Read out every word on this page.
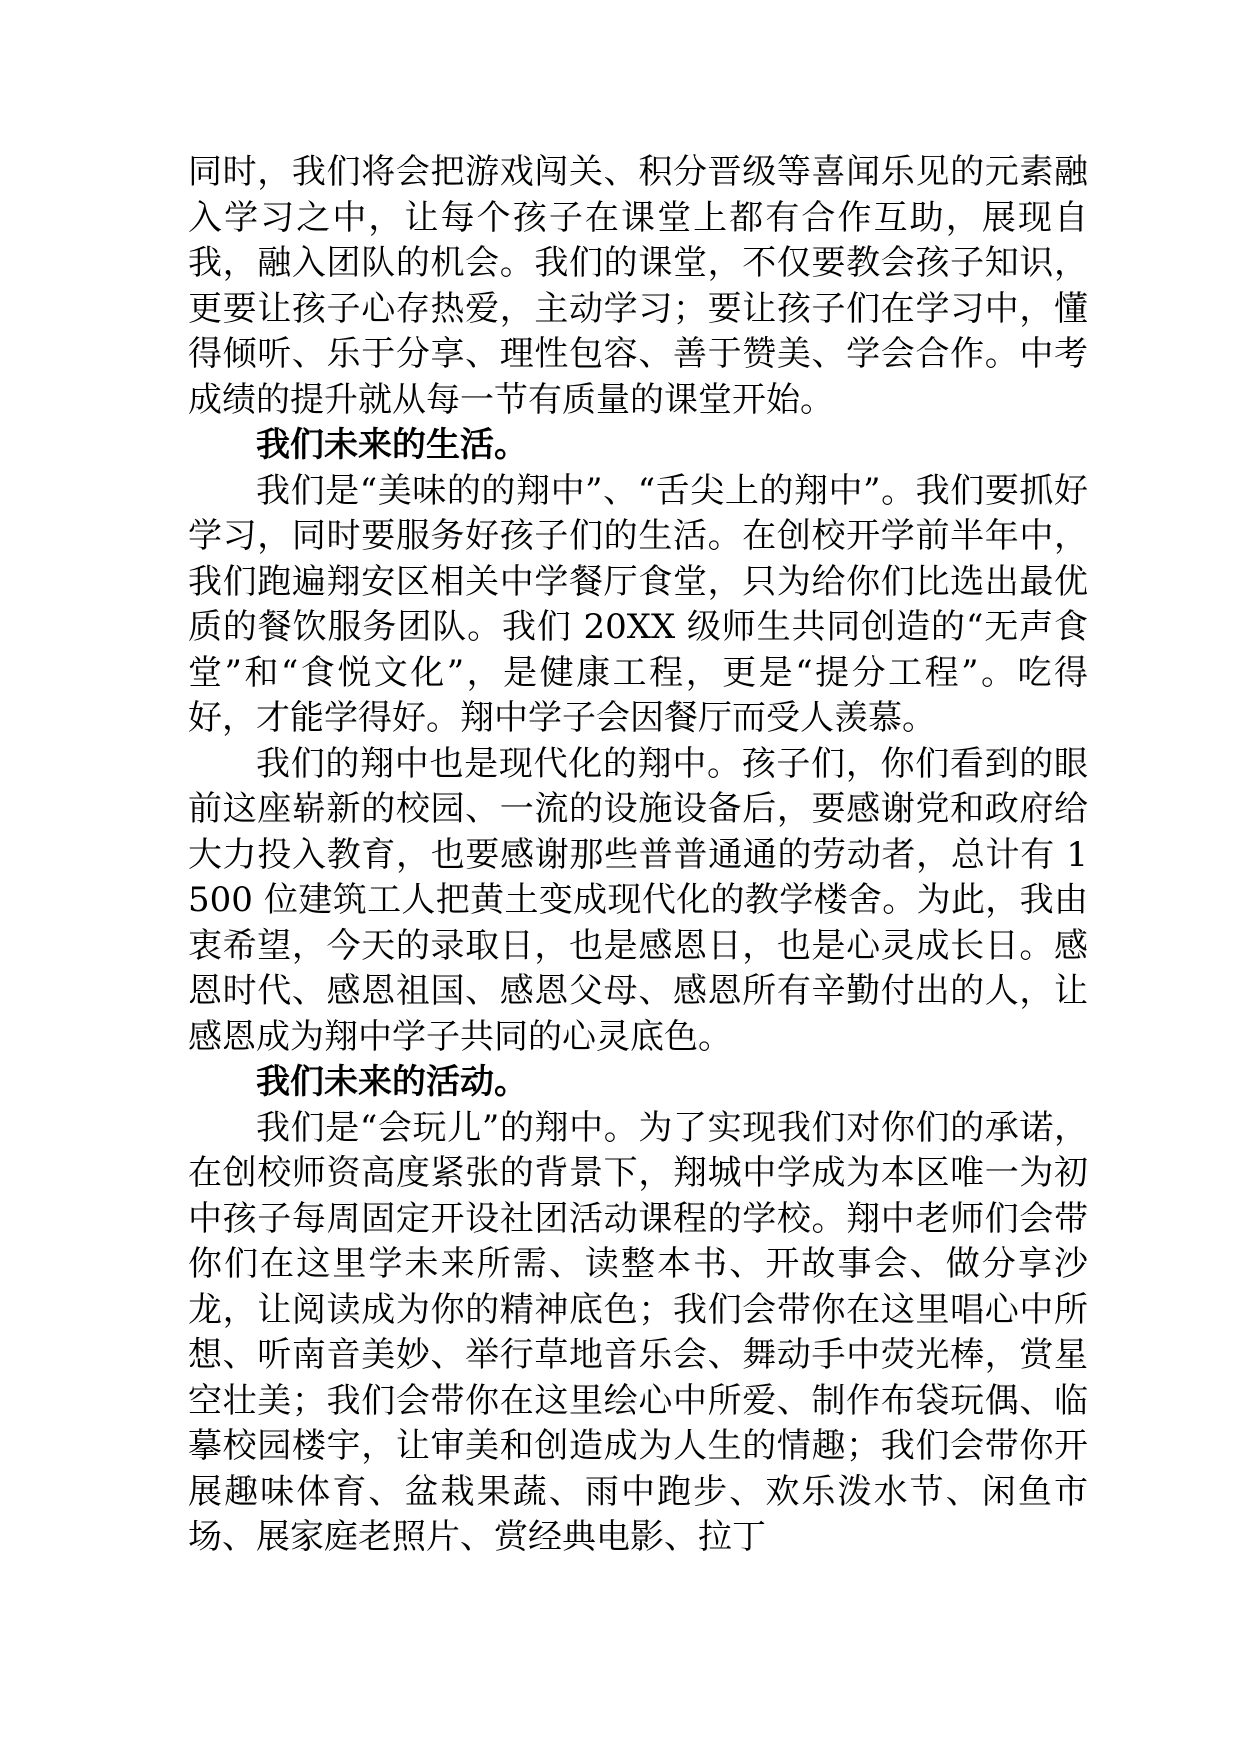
同时，我们将会把游戏闯关、积分晋级等喜闻乐见的元素融入学习之中，让每个孩子在课堂上都有合作互助，展现自我，融入团队的机会。我们的课堂，不仅要教会孩子知识，更要让孩子心存热爱，主动学习；要让孩子们在学习中，懂得倾听、乐于分享、理性包容、善于赞美、学会合作。中考成绩的提升就从每一节有质量的课堂开始。

我们未来的生活。

我们是“美味的的翔中”、“舌尖上的翔中”。我们要抓好学习，同时要服务好孩子们的生活。在创校开学前半年中，我们跑遍翔安区相关中学餐厅食堂，只为给你们比选出最优质的餐饮服务团队。我们 20XX 级师生共同创造的“无声食堂”和“食悦文化”，是健康工程，更是“提分工程”。吃得好，才能学得好。翔中学子会因餐厅而受人羡慕。

我们的翔中也是现代化的翔中。孩子们，你们看到的眼前这座崭新的校园、一流的设施设备后，要感谢党和政府给大力投入教育，也要感谢那些普普通通的劳动者，总计有 1500 位建筑工人把黄土变成现代化的教学楼舍。为此，我由衷希望，今天的录取日，也是感恩日，也是心灵成长日。感恩时代、感恩祖国、感恩父母、感恩所有辛勤付出的人，让感恩成为翔中学子共同的心灵底色。

我们未来的活动。

我们是“会玩儿”的翔中。为了实现我们对你们的承诺，在创校师资高度紧张的背景下，翔城中学成为本区唯一为初中孩子每周固定开设社团活动课程的学校。翔中老师们会带你们在这里学未来所需、读整本书、开故事会、做分享沙龙，让阅读成为你的精神底色；我们会带你在这里唱心中所想、听南音美妙、举行草地音乐会、舞动手中荧光棒，赏星空壮美；我们会带你在这里绘心中所爱、制作布袋玩偶、临摹校园楼宇，让审美和创造成为人生的情趣；我们会带你开展趣味体育、盆栽果蔬、雨中跑步、欢乐泼水节、闲鱼市场、展家庭老照片、赏经典电影、拉丁
